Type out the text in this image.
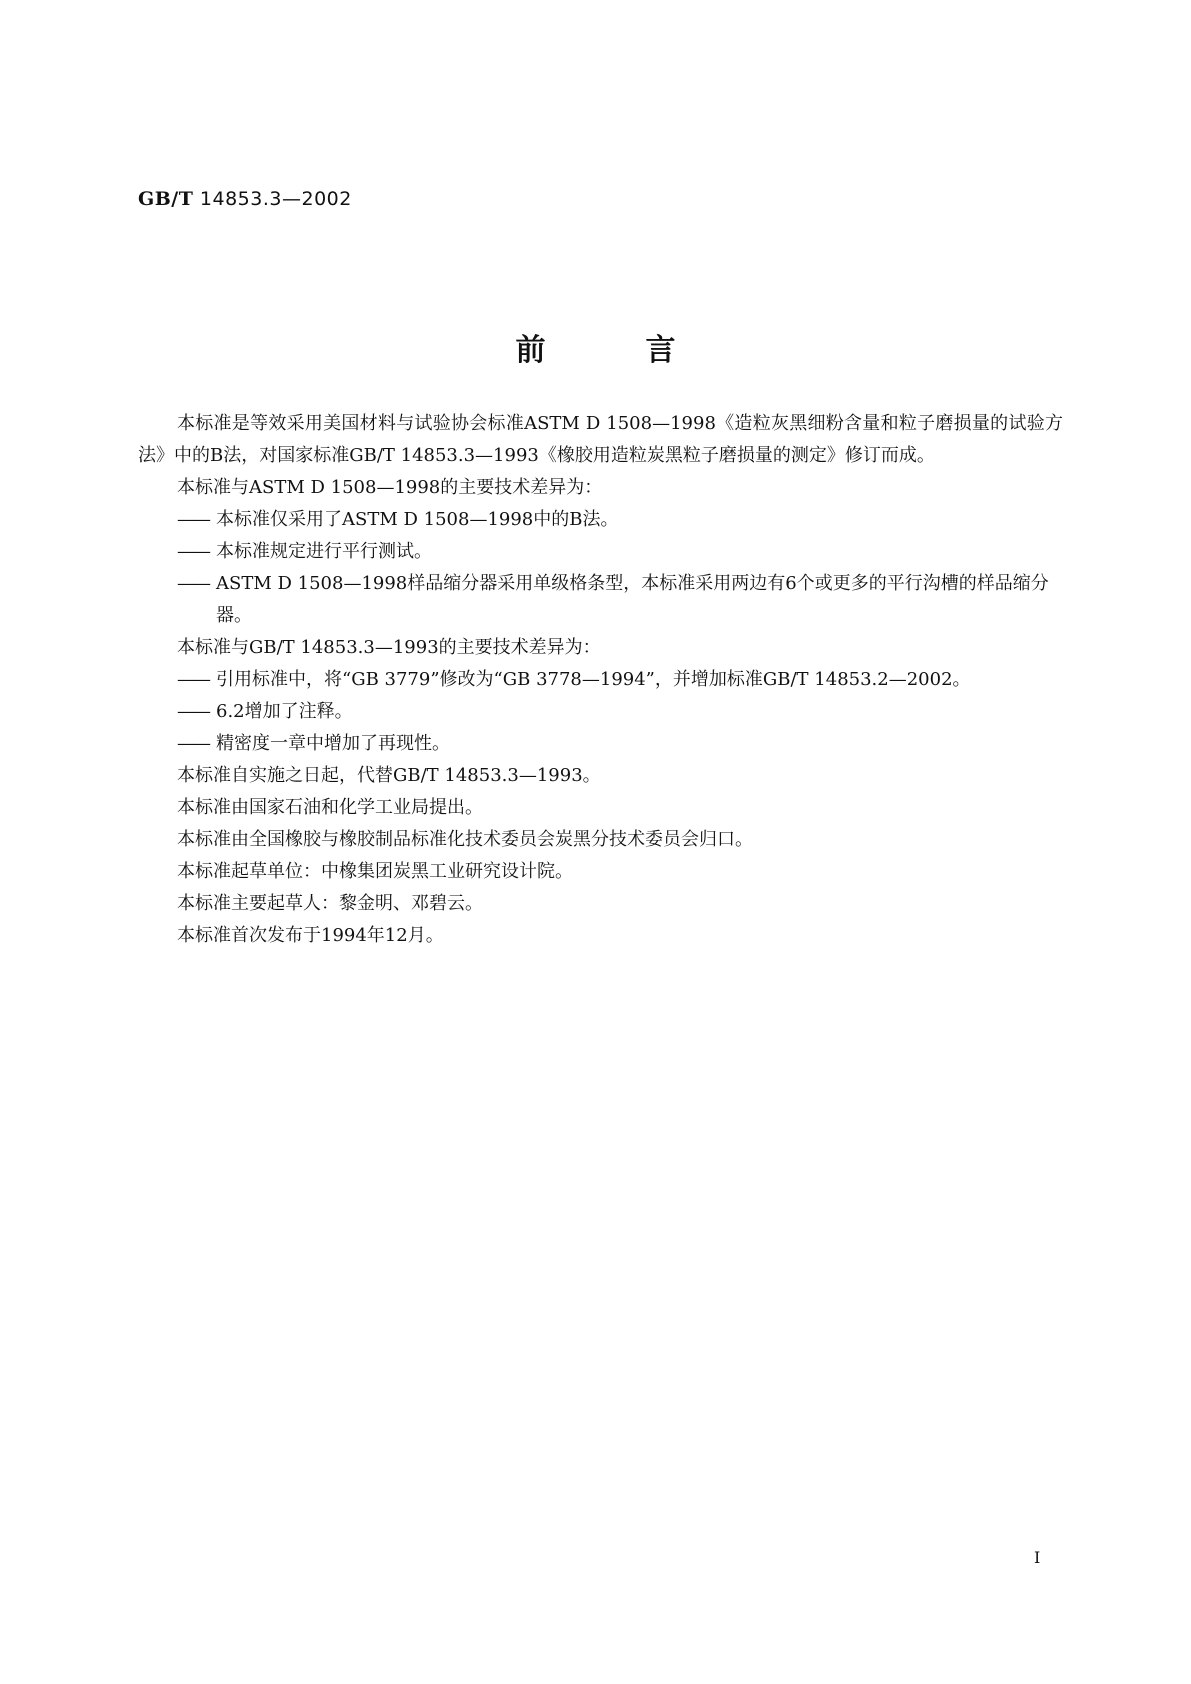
GB/T 14853.3—2002
前言

本标准是等效采用美国材料与试验协会标准ASTM D 1508—1998《造粒灰黑细粉含量和粒子磨损量的试验方法》中的B法，对国家标准GB/T 14853.3—1993《橡胶用造粒炭黑粒子磨损量的测定》修订而成。

本标准与ASTM D 1508—1998的主要技术差异为：

—— 本标准仅采用了ASTM D 1508—1998中的B法。

—— 本标准规定进行平行测试。

—— ASTM D 1508—1998样品缩分器采用单级格条型，本标准采用两边有6个或更多的平行沟槽的样品缩分器。

本标准与GB/T 14853.3—1993的主要技术差异为：

—— 引用标准中，将“GB 3779”修改为“GB 3778—1994”，并增加标准GB/T 14853.2—2002。

—— 6.2增加了注释。

—— 精密度一章中增加了再现性。

本标准自实施之日起，代替GB/T 14853.3—1993。

本标准由国家石油和化学工业局提出。

本标准由全国橡胶与橡胶制品标准化技术委员会炭黑分技术委员会归口。

本标准起草单位：中橡集团炭黑工业研究设计院。

本标准主要起草人：黎金明、邓碧云。

本标准首次发布于1994年12月。

I
